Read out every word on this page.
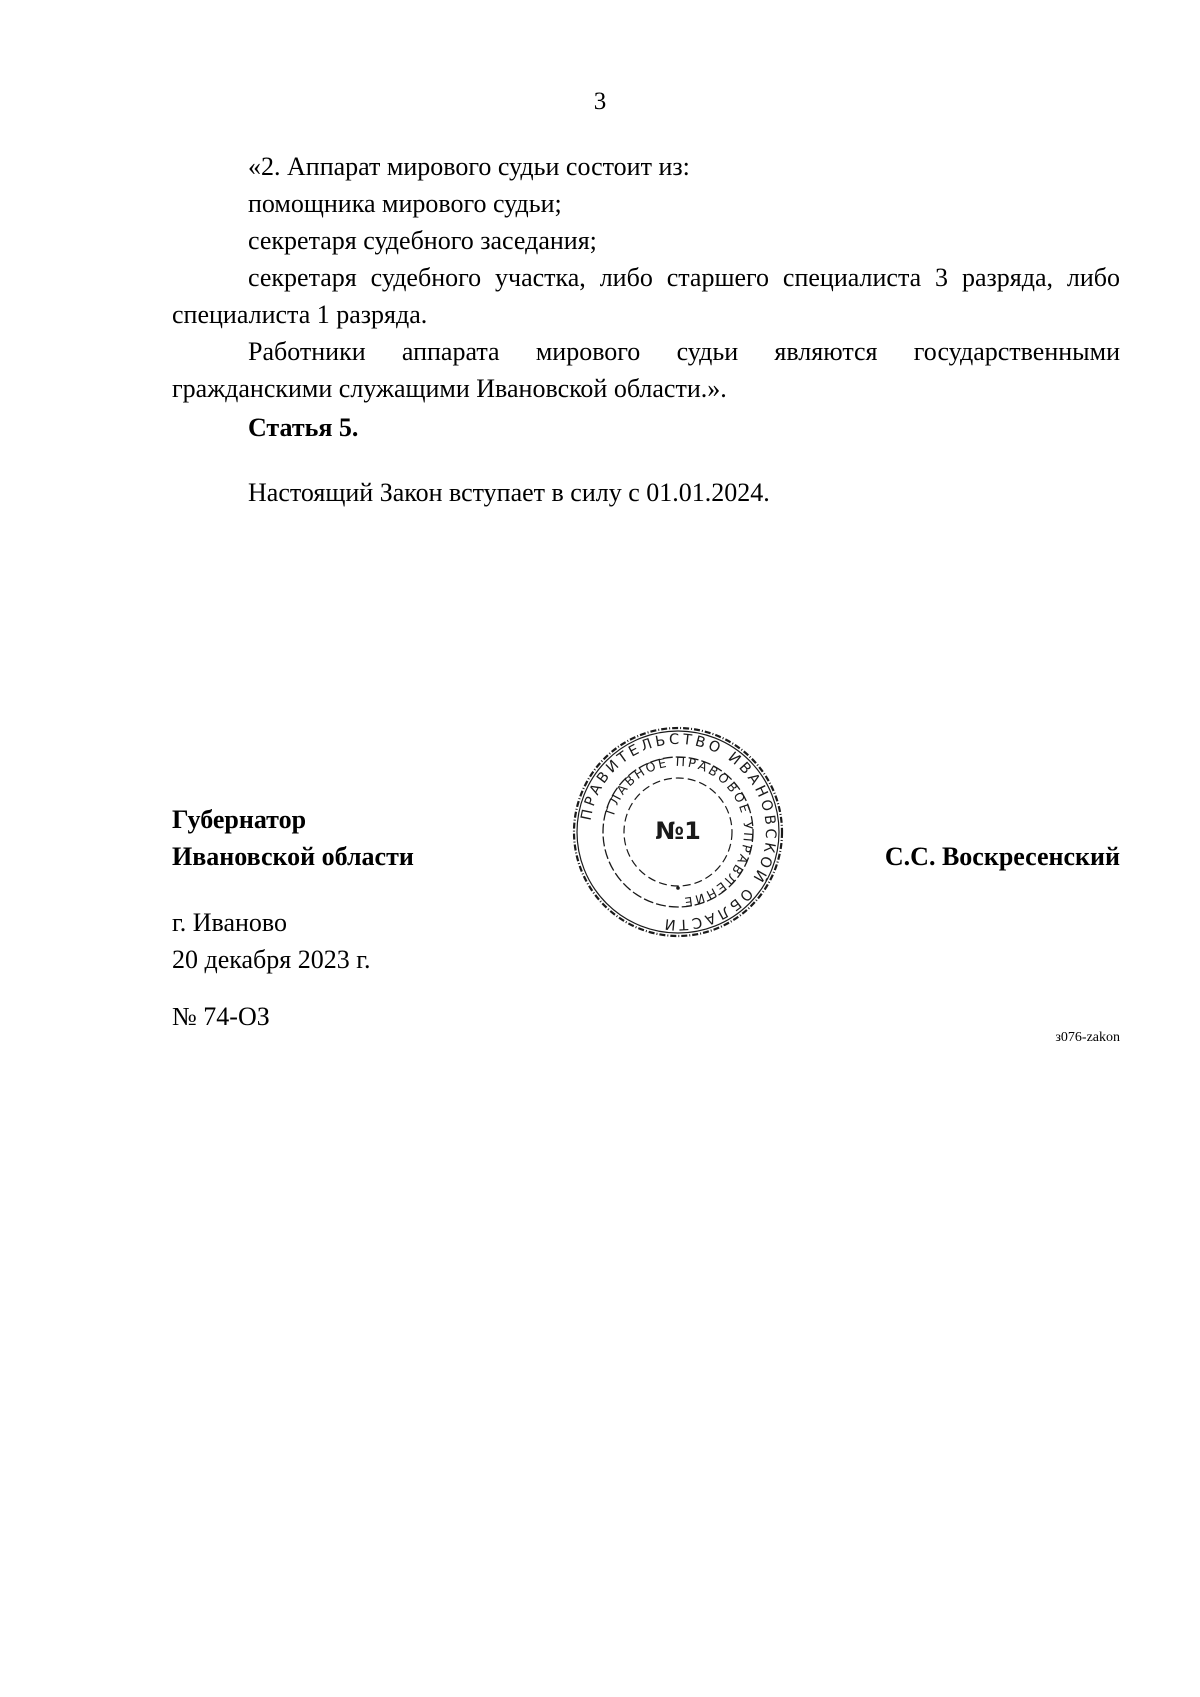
3

«2. Аппарат мирового судьи состоит из:

помощника мирового судьи;

секретаря судебного заседания;

секретаря судебного участка, либо старшего специалиста 3 разряда, либо специалиста 1 разряда.

Работники аппарата мирового судьи являются государственными гражданскими служащими Ивановской области.».

Статья 5.
Настоящий Закон вступает в силу с 01.01.2024.
Губернатор
Ивановской области
ПРАВИТЕЛЬСТВО ИВАНОВСКОЙ ОБЛАСТИ
ГЛАВНОЕ ПРАВОВОЕ УПРАВЛЕНИЕ
№1
С.С. Воскресенский
г. Иваново
20 декабря 2023 г.
№ 74-ОЗ
з076-zakon
